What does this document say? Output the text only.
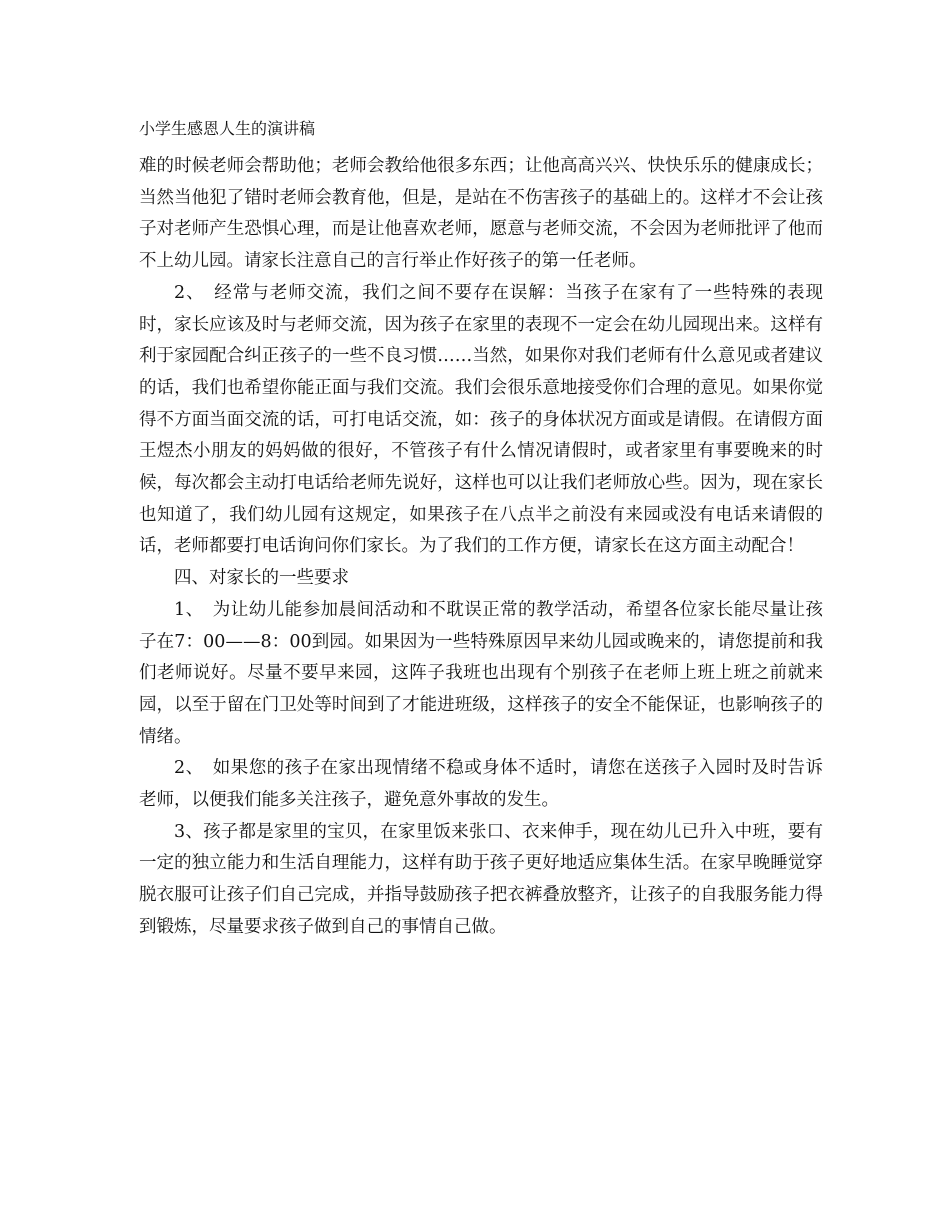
小学生感恩人生的演讲稿

难的时候老师会帮助他；老师会教给他很多东西；让他高高兴兴、快快乐乐的健康成长；当然当他犯了错时老师会教育他，但是，是站在不伤害孩子的基础上的。这样才不会让孩子对老师产生恐惧心理，而是让他喜欢老师，愿意与老师交流，不会因为老师批评了他而不上幼儿园。请家长注意自己的言行举止作好孩子的第一任老师。

2、　经常与老师交流，我们之间不要存在误解：当孩子在家有了一些特殊的表现时，家长应该及时与老师交流，因为孩子在家里的表现不一定会在幼儿园现出来。这样有利于家园配合纠正孩子的一些不良习惯……当然，如果你对我们老师有什么意见或者建议的话，我们也希望你能正面与我们交流。我们会很乐意地接受你们合理的意见。如果你觉得不方面当面交流的话，可打电话交流，如：孩子的身体状况方面或是请假。在请假方面王煜杰小朋友的妈妈做的很好，不管孩子有什么情况请假时，或者家里有事要晚来的时候，每次都会主动打电话给老师先说好，这样也可以让我们老师放心些。因为，现在家长也知道了，我们幼儿园有这规定，如果孩子在八点半之前没有来园或没有电话来请假的话，老师都要打电话询问你们家长。为了我们的工作方便，请家长在这方面主动配合！

四、对家长的一些要求

1、　为让幼儿能参加晨间活动和不耽误正常的教学活动，希望各位家长能尽量让孩子在7：00——8：00到园。如果因为一些特殊原因早来幼儿园或晚来的，请您提前和我们老师说好。尽量不要早来园，这阵子我班也出现有个别孩子在老师上班上班之前就来园，以至于留在门卫处等时间到了才能进班级，这样孩子的安全不能保证，也影响孩子的情绪。

2、　如果您的孩子在家出现情绪不稳或身体不适时，请您在送孩子入园时及时告诉老师，以便我们能多关注孩子，避免意外事故的发生。

3、孩子都是家里的宝贝，在家里饭来张口、衣来伸手，现在幼儿已升入中班，要有一定的独立能力和生活自理能力，这样有助于孩子更好地适应集体生活。在家早晚睡觉穿脱衣服可让孩子们自己完成，并指导鼓励孩子把衣裤叠放整齐，让孩子的自我服务能力得到锻炼，尽量要求孩子做到自己的事情自己做。
